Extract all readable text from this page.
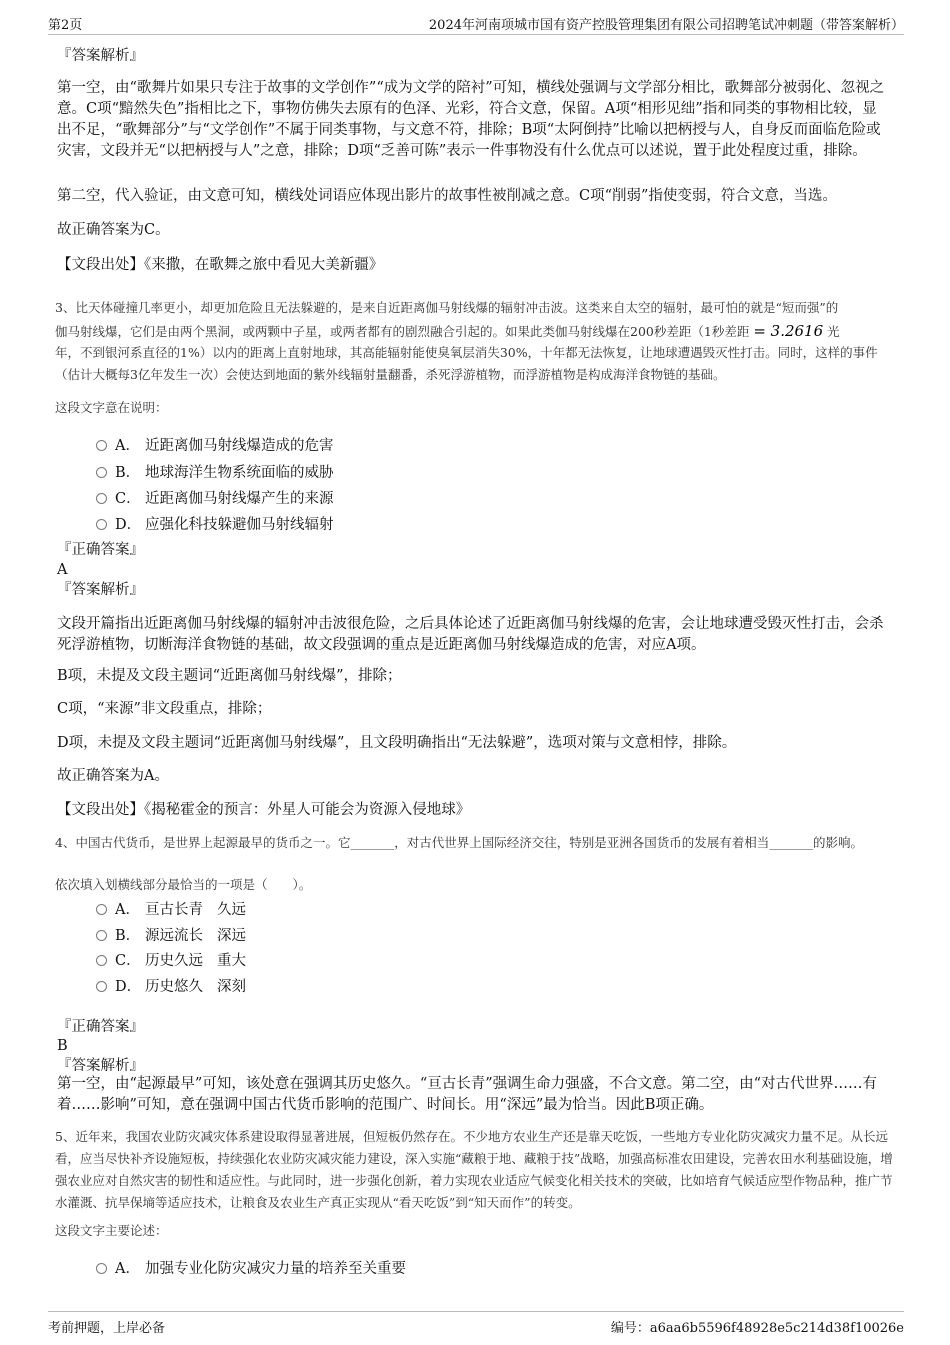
第2页	2024年河南项城市国有资产控股管理集团有限公司招聘笔试冲刺题（带答案解析）
『答案解析』
第一空，由“歌舞片如果只专注于故事的文学创作”“成为文学的陪衬”可知，横线处强调与文学部分相比，歌舞部分被弱化、忽视之意。C项“黯然失色”指相比之下，事物仿佛失去原有的色泽、光彩，符合文意，保留。A项“相形见绌”指和同类的事物相比较，显出不足，“歌舞部分”与“文学创作”不属于同类事物，与文意不符，排除；B项“太阿倒持”比喻以把柄授与人，自身反而面临危险或灾害，文段并无“以把柄授与人”之意，排除；D项“乏善可陈”表示一件事物没有什么优点可以述说，置于此处程度过重，排除。
第二空，代入验证，由文意可知，横线处词语应体现出影片的故事性被削减之意。C项“削弱”指使变弱，符合文意，当选。
故正确答案为C。
【文段出处】《来撒，在歌舞之旅中看见大美新疆》
3、比天体碰撞几率更小，却更加危险且无法躲避的，是来自近距离伽马射线爆的辐射冲击波。这类来自太空的辐射，最可怕的就是“短而强”的
伽马射线爆，它们是由两个黑洞，或两颗中子星，或两者都有的剧烈融合引起的。如果此类伽马射线爆在200秒差距（1秒差距 = 3.2616 光
年，不到银河系直径的1%）以内的距离上直射地球，其高能辐射能使臭氧层消失30%，十年都无法恢复，让地球遭遇毁灭性打击。同时，这样的事件（估计大概每3亿年发生一次）会使达到地面的紫外线辐射量翻番，杀死浮游植物，而浮游植物是构成海洋食物链的基础。
这段文字意在说明：
A． 近距离伽马射线爆造成的危害
B． 地球海洋生物系统面临的威胁
C． 近距离伽马射线爆产生的来源
D． 应强化科技躲避伽马射线辐射
『正确答案』
A
『答案解析』
文段开篇指出近距离伽马射线爆的辐射冲击波很危险，之后具体论述了近距离伽马射线爆的危害，会让地球遭受毁灭性打击，会杀死浮游植物，切断海洋食物链的基础，故文段强调的重点是近距离伽马射线爆造成的危害，对应A项。
B项，未提及文段主题词“近距离伽马射线爆”，排除；
C项，“来源”非文段重点，排除；
D项，未提及文段主题词“近距离伽马射线爆”，且文段明确指出“无法躲避”，选项对策与文意相悖，排除。
故正确答案为A。
【文段出处】《揭秘霍金的预言：外星人可能会为资源入侵地球》
4、中国古代货币，是世界上起源最早的货币之一。它_______，对古代世界上国际经济交往，特别是亚洲各国货币的发展有着相当_______的影响。
依次填入划横线部分最恰当的一项是（　　）。
A． 亘古长青 久远
B． 源远流长 深远
C． 历史久远 重大
D． 历史悠久 深刻
『正确答案』
B
『答案解析』
第一空，由“起源最早”可知，该处意在强调其历史悠久。“亘古长青”强调生命力强盛，不合文意。第二空，由“对古代世界……有着……影响”可知，意在强调中国古代货币影响的范围广、时间长。用“深远”最为恰当。因此B项正确。
5、近年来，我国农业防灾减灾体系建设取得显著进展，但短板仍然存在。不少地方农业生产还是靠天吃饭，一些地方专业化防灾减灾力量不足。从长远看，应当尽快补齐设施短板，持续强化农业防灾减灾能力建设，深入实施“藏粮于地、藏粮于技”战略，加强高标准农田建设，完善农田水利基础设施，增强农业应对自然灾害的韧性和适应性。与此同时，进一步强化创新，着力实现农业适应气候变化相关技术的突破，比如培育气候适应型作物品种，推广节水灌溉、抗旱保墒等适应技术，让粮食及农业生产真正实现从“看天吃饭”到“知天而作”的转变。
这段文字主要论述：
A． 加强专业化防灾减灾力量的培养至关重要
考前押题，上岸必备	编号：a6aa6b5596f48928e5c214d38f10026e
